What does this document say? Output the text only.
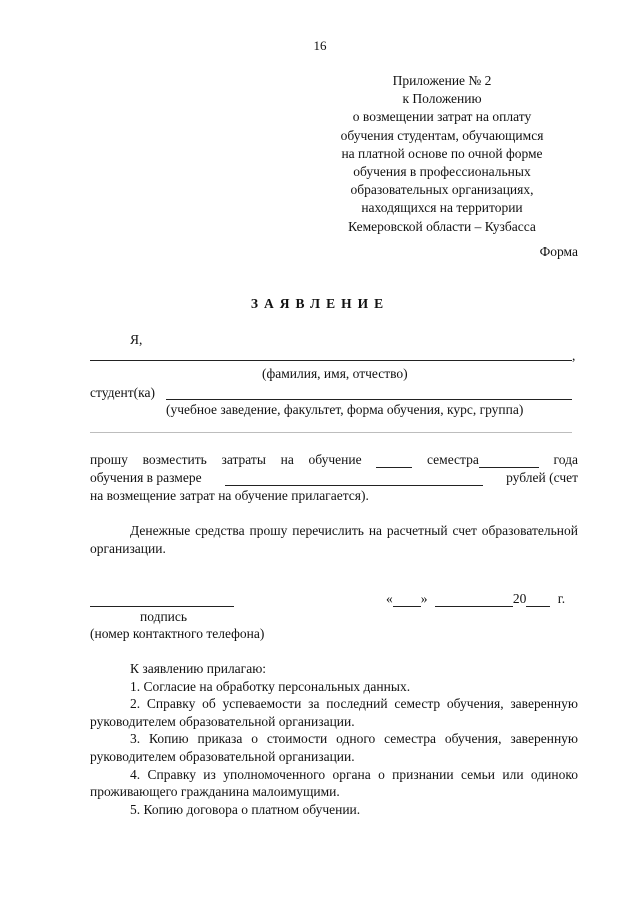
16
Приложение № 2
к Положению
о возмещении затрат на оплату
обучения студентам, обучающимся
на платной основе по очной форме
обучения в профессиональных
образовательных организациях,
находящихся на территории
Кемеровской области – Кузбасса
Форма
ЗАЯВЛЕНИЕ
Я,
,
(фамилия, имя, отчество)
студент(ка)
(учебное заведение, факультет, форма обучения, курс, группа)
прошу возместить затраты на обучение	семестра	года
обучения в размере	рублей (счет
на возмещение затрат на обучение прилагается).
Денежные средства прошу перечислить на расчетный счет образовательной организации.
« »	20 г.
подпись
(номер контактного телефона)

К заявлению прилагаю:

1. Согласие на обработку персональных данных.

2. Справку об успеваемости за последний семестр обучения, заверенную руководителем образовательной организации.

3. Копию приказа о стоимости одного семестра обучения, заверенную руководителем образовательной организации.

4. Справку из уполномоченного органа о признании семьи или одиноко проживающего гражданина малоимущими.

5. Копию договора о платном обучении.
